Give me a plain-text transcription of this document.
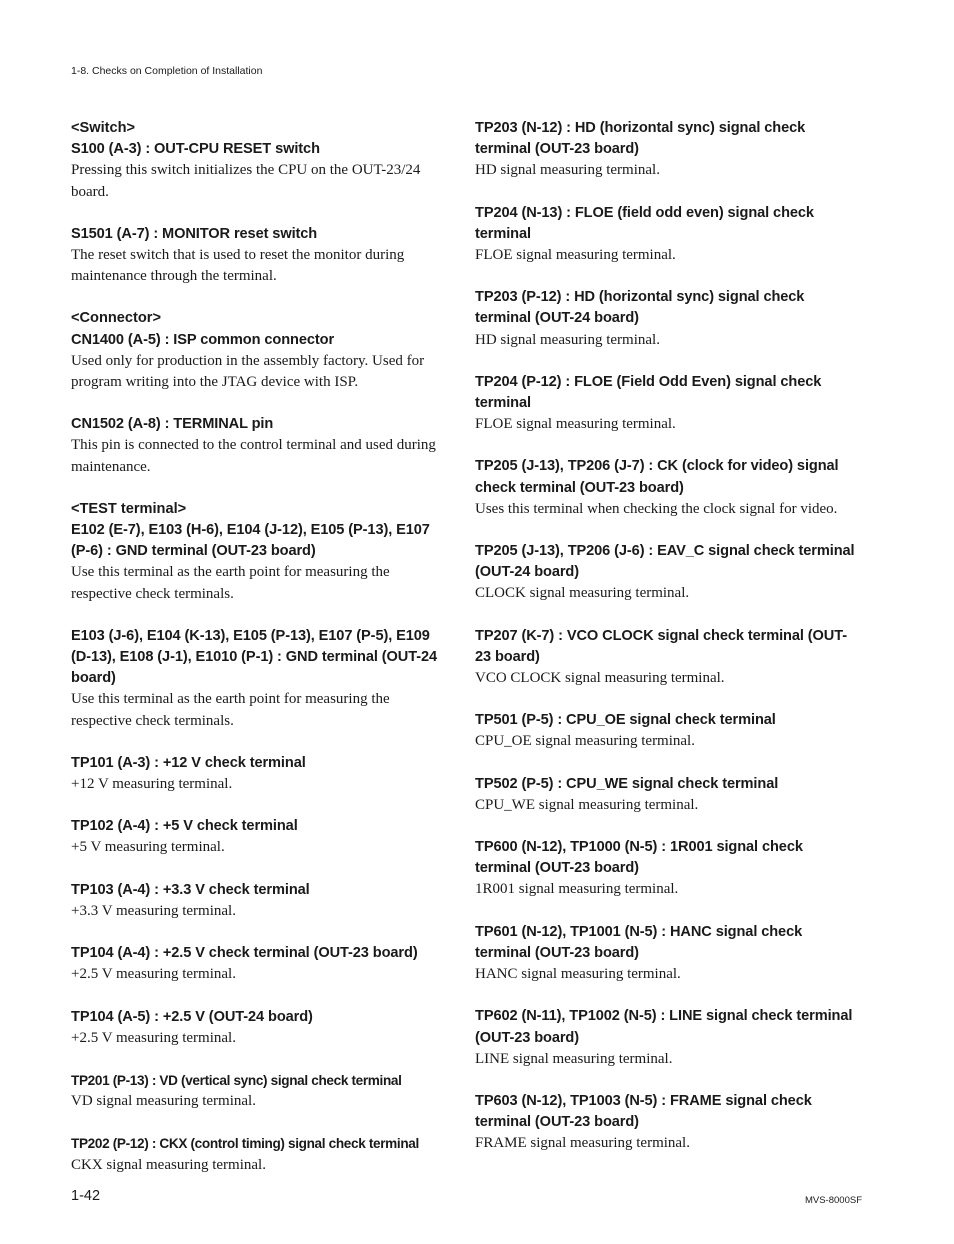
1-8. Checks on Completion of Installation
<Switch>
S100 (A-3) : OUT-CPU RESET switch
Pressing this switch initializes the CPU on the OUT-23/24 board.
S1501 (A-7) : MONITOR reset switch
The reset switch that is used to reset the monitor during maintenance through the terminal.
<Connector>
CN1400 (A-5) : ISP common connector
Used only for production in the assembly factory. Used for program writing into the JTAG device with ISP.
CN1502 (A-8) : TERMINAL pin
This pin is connected to the control terminal and used during maintenance.
<TEST terminal>
E102 (E-7), E103 (H-6), E104 (J-12), E105 (P-13), E107 (P-6) : GND terminal (OUT-23 board)
Use this terminal as the earth point for measuring the respective check terminals.
E103 (J-6), E104 (K-13), E105 (P-13), E107 (P-5), E109 (D-13), E108 (J-1), E1010 (P-1) : GND terminal (OUT-24 board)
Use this terminal as the earth point for measuring the respective check terminals.
TP101 (A-3) : +12 V check terminal
+12 V measuring terminal.
TP102 (A-4) : +5 V check terminal
+5 V measuring terminal.
TP103 (A-4) : +3.3 V check terminal
+3.3 V measuring terminal.
TP104 (A-4) : +2.5 V check terminal (OUT-23 board)
+2.5 V measuring terminal.
TP104 (A-5) : +2.5 V (OUT-24 board)
+2.5 V measuring terminal.
TP201 (P-13) : VD (vertical sync) signal check terminal
VD signal measuring terminal.
TP202 (P-12) : CKX (control timing) signal check terminal
CKX signal measuring terminal.
TP203 (N-12) : HD (horizontal sync) signal check terminal (OUT-23 board)
HD signal measuring terminal.
TP204 (N-13) : FLOE (field odd even) signal check terminal
FLOE signal measuring terminal.
TP203 (P-12) : HD (horizontal sync) signal check terminal (OUT-24 board)
HD signal measuring terminal.
TP204 (P-12) : FLOE (Field Odd Even) signal check terminal
FLOE signal measuring terminal.
TP205 (J-13), TP206 (J-7) : CK (clock for video) signal check terminal (OUT-23 board)
Uses this terminal when checking the clock signal for video.
TP205 (J-13), TP206 (J-6) : EAV_C signal check terminal (OUT-24 board)
CLOCK signal measuring terminal.
TP207 (K-7) : VCO CLOCK signal check terminal (OUT-23 board)
VCO CLOCK signal measuring terminal.
TP501 (P-5) : CPU_OE signal check terminal
CPU_OE signal measuring terminal.
TP502 (P-5) : CPU_WE signal check terminal
CPU_WE signal measuring terminal.
TP600 (N-12), TP1000 (N-5) : 1R001 signal check terminal (OUT-23 board)
1R001 signal measuring terminal.
TP601 (N-12), TP1001 (N-5) : HANC signal check terminal (OUT-23 board)
HANC signal measuring terminal.
TP602 (N-11), TP1002 (N-5) : LINE signal check terminal (OUT-23 board)
LINE signal measuring terminal.
TP603 (N-12), TP1003 (N-5) : FRAME signal check terminal (OUT-23 board)
FRAME signal measuring terminal.
1-42	MVS-8000SF
